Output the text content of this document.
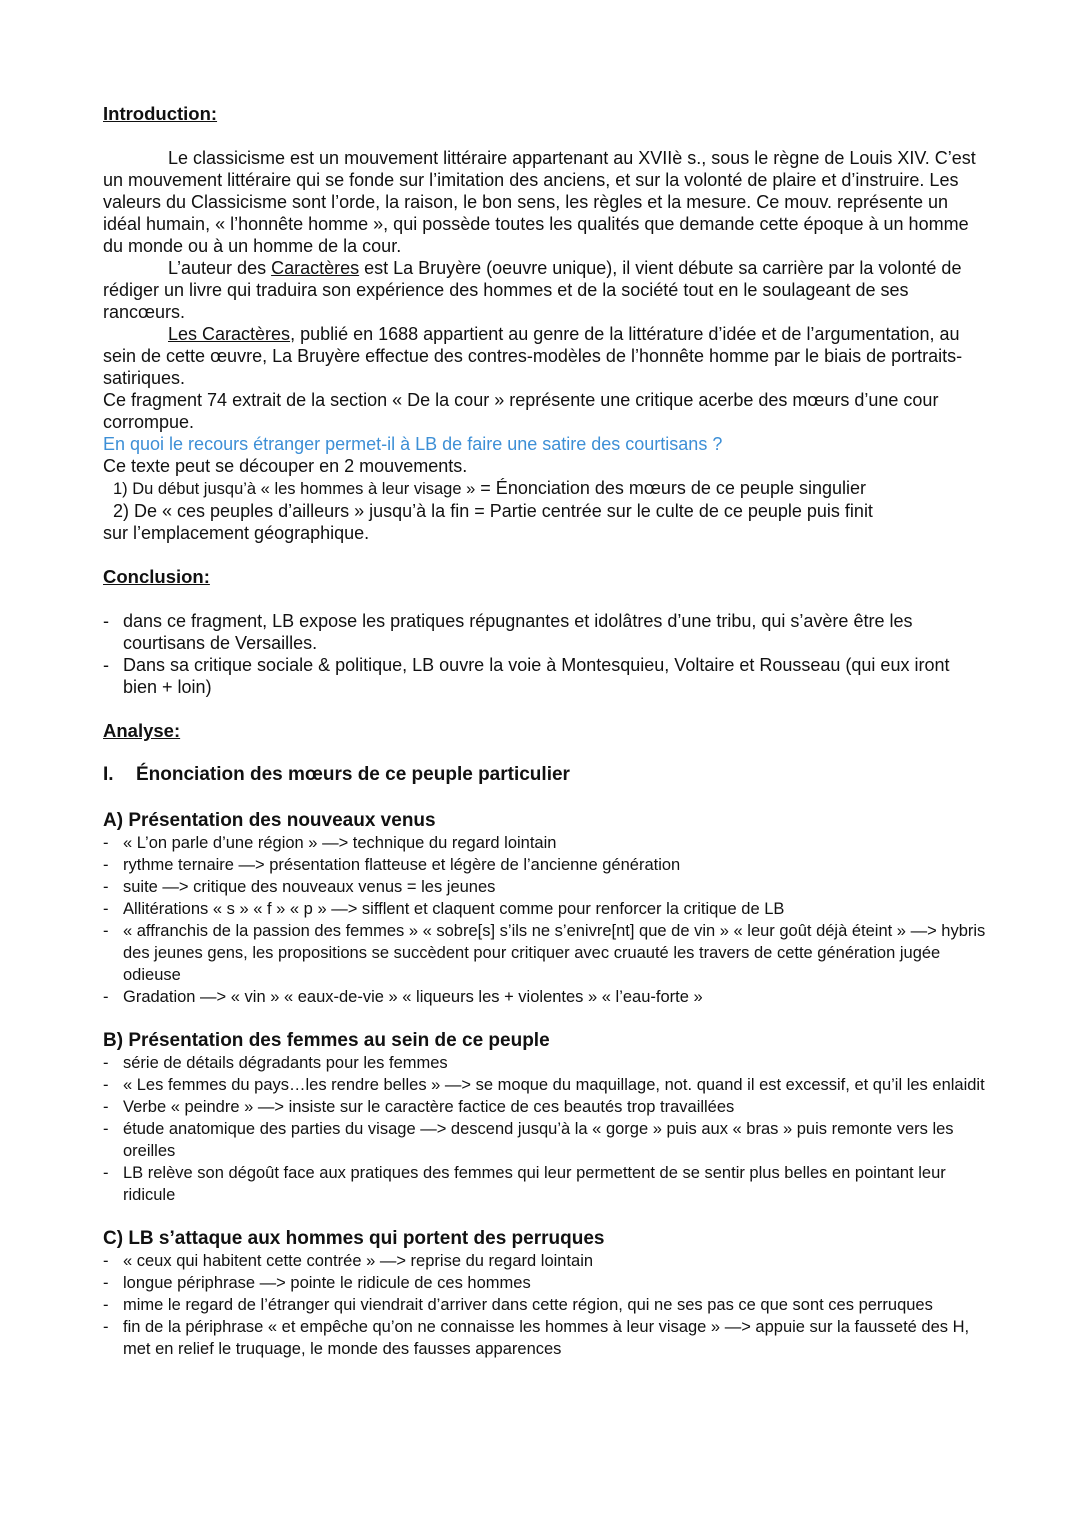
Introduction:

Le classicisme est un mouvement littéraire appartenant au XVIIè s., sous le règne de Louis XIV. C’est un mouvement littéraire qui se fonde sur l’imitation des anciens, et sur la volonté de plaire et d’instruire. Les valeurs du Classicisme sont l’orde, la raison, le bon sens, les règles et la mesure. Ce mouv. représente un idéal humain, « l’honnête homme », qui possède toutes les qualités que demande cette époque à un homme du monde ou à un homme de la cour.

L’auteur des Caractères est La Bruyère (oeuvre unique), il vient débute sa carrière par la volonté de rédiger un livre qui traduira son expérience des hommes et de la société tout en le soulageant de ses rancœurs.

Les Caractères, publié en 1688 appartient au genre de la littérature d’idée et de l’argumentation, au sein de cette œuvre, La Bruyère effectue des contres-modèles de l’honnête homme par le biais de portraits-satiriques.

Ce fragment 74 extrait de la section « De la cour » représente une critique acerbe des mœurs d’une cour corrompue.

En quoi le recours étranger permet-il à LB de faire une satire des courtisans ?

Ce texte peut se découper en 2 mouvements.

1) Du début jusqu’à « les hommes à leur visage » = Énonciation des mœurs de ce peuple singulier

2) De « ces peuples d’ailleurs » jusqu’à la fin = Partie centrée sur le culte de ce peuple puis finit

sur l’emplacement géographique.

Conclusion:

- dans ce fragment, LB expose les pratiques répugnantes et idolâtres d’une tribu, qui s’avère être les courtisans de Versailles.
- Dans sa critique sociale & politique, LB ouvre la voie à Montesquieu, Voltaire et Rousseau (qui eux iront bien + loin)

Analyse:

I. Énonciation des mœurs de ce peuple particulier

A) Présentation des nouveaux venus

- « L’on parle d’une région » —> technique du regard lointain
- rythme ternaire —> présentation flatteuse et légère de l’ancienne génération
- suite —> critique des nouveaux venus = les jeunes
- Allitérations « s » « f » « p » —> sifflent et claquent comme pour renforcer la critique de LB
- « affranchis de la passion des femmes » « sobre[s] s’ils ne s’enivre[nt] que de vin » « leur goût déjà éteint » —> hybris des jeunes gens, les propositions se succèdent pour critiquer avec cruauté les travers de cette génération jugée odieuse
- Gradation —> « vin » « eaux-de-vie » « liqueurs les + violentes » « l’eau-forte »

B) Présentation des femmes au sein de ce peuple

- série de détails dégradants pour les femmes
- « Les femmes du pays…les rendre belles » —> se moque du maquillage, not. quand il est excessif, et qu’il les enlaidit
- Verbe « peindre » —> insiste sur le caractère factice de ces beautés trop travaillées
- étude anatomique des parties du visage —> descend jusqu’à la « gorge » puis aux « bras » puis remonte vers les oreilles
- LB relève son dégoût face aux pratiques des femmes qui leur permettent de se sentir plus belles en pointant leur ridicule

C) LB s’attaque aux hommes qui portent des perruques

- « ceux qui habitent cette contrée » —> reprise du regard lointain
- longue périphrase —> pointe le ridicule de ces hommes
- mime le regard de l’étranger qui viendrait d’arriver dans cette région, qui ne ses pas ce que sont ces perruques
- fin de la périphrase « et empêche qu’on ne connaisse les hommes à leur visage » —> appuie sur la fausseté des H, met en relief le truquage, le monde des fausses apparences
